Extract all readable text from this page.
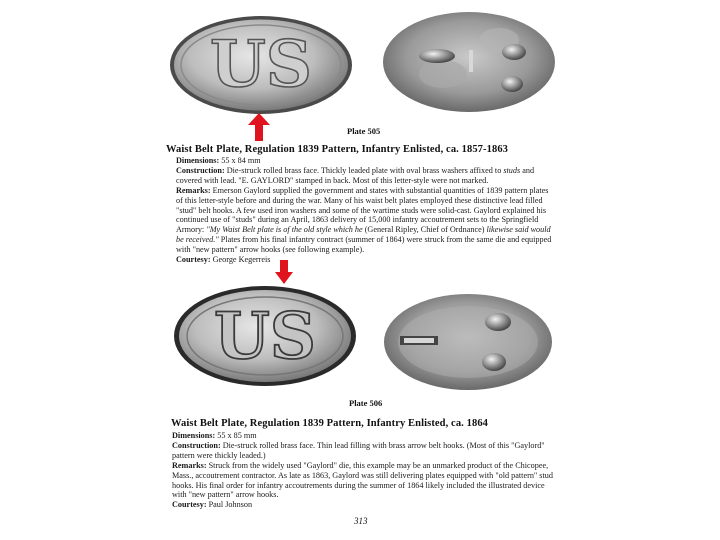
US
Plate 505
Waist Belt Plate, Regulation 1839 Pattern, Infantry Enlisted, ca. 1857-1863

Dimensions: 55 x 84 mm

Construction: Die-struck rolled brass face. Thickly leaded plate with oval brass washers affixed to studs and covered with lead. "E. GAYLORD" stamped in back. Most of this letter-style were not marked.

Remarks: Emerson Gaylord supplied the government and states with substantial quantities of 1839 pattern plates of this letter-style before and during the war. Many of his waist belt plates employed these distinctive lead filled "stud" belt hooks. A few used iron washers and some of the wartime studs were solid-cast. Gaylord explained his continued use of "studs" during an April, 1863 delivery of 15,000 infantry accoutrement sets to the Springfield Armory: "My Waist Belt plate is of the old style which he (General Ripley, Chief of Ordnance) likewise said would be received." Plates from his final infantry contract (summer of 1864) were struck from the same die and equipped with "new pattern" arrow hooks (see following example).

Courtesy: George Kegerreis

US
Plate 506
Waist Belt Plate, Regulation 1839 Pattern, Infantry Enlisted, ca. 1864

Dimensions: 55 x 85 mm

Construction: Die-struck rolled brass face. Thin lead filling with brass arrow belt hooks. (Most of this "Gaylord" pattern were thickly leaded.)

Remarks: Struck from the widely used "Gaylord" die, this example may be an unmarked product of the Chicopee, Mass., accoutrement contractor. As late as 1863, Gaylord was still delivering plates equipped with "old pattern" stud hooks. His final order for infantry accoutrements during the summer of 1864 likely included the illustrated device with "new pattern" arrow hooks.

Courtesy: Paul Johnson

313
